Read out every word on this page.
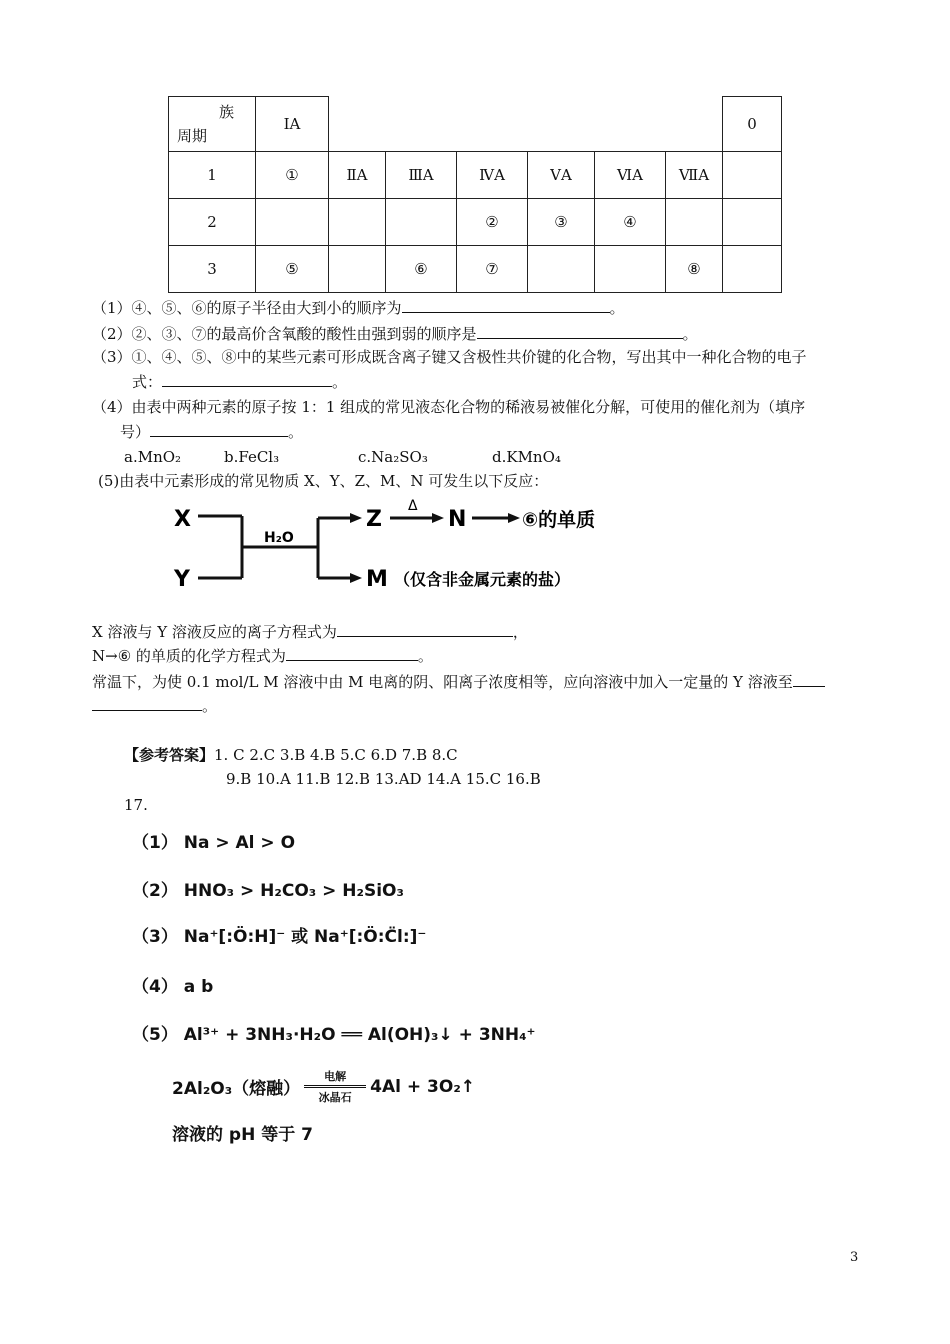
族
周期	IA							0
1	①	ⅡA	ⅢA	ⅣA	ⅤA	ⅥA	ⅦA	
2				②	③	④		
3	⑤		⑥	⑦			⑧	
（1）④、⑤、⑥的原子半径由大到小的顺序为	。
（2）②、③、⑦的最高价含氧酸的酸性由强到弱的顺序是	。
（3）①、④、⑤、⑧中的某些元素可形成既含离子键又含极性共价键的化合物，写出其中一种化合物的电子
式：	。
（4）由表中两种元素的原子按 1：1 组成的常见液态化合物的稀液易被催化分解，可使用的催化剂为（填序
号）	。
a.MnO₂	b.FeCl₃	c.Na₂SO₃	d.KMnO₄
(5)由表中元素形成的常见物质 X、Y、Z、M、N 可发生以下反应：
X
Y
H₂O
Z
Δ
N	⑥的单质
M （仅含非金属元素的盐）
X 溶液与 Y 溶液反应的离子方程式为	，
N→⑥ 的单质的化学方程式为	。
常温下，为使 0.1 mol/L M 溶液中由 M 电离的阴、阳离子浓度相等，应向溶液中加入一定量的 Y 溶液至
。
【参考答案】1. C 2.C 3.B 4.B 5.C 6.D 7.B 8.C
9.B 10.A 11.B 12.B 13.AD 14.A 15.C 16.B
17.
（1） Na > Al > O
（2） HNO₃ > H₂CO₃ > H₂SiO₃
（3） Na⁺[:Ö:H]⁻ 或 Na⁺[:Ö:C̈l:]⁻
（4） a b
（5） Al³⁺ + 3NH₃·H₂O ══ Al(OH)₃↓ + 3NH₄⁺
2Al₂O₃（熔融）
电解
冰晶石
4Al + 3O₂↑
溶液的 pH 等于 7
3
